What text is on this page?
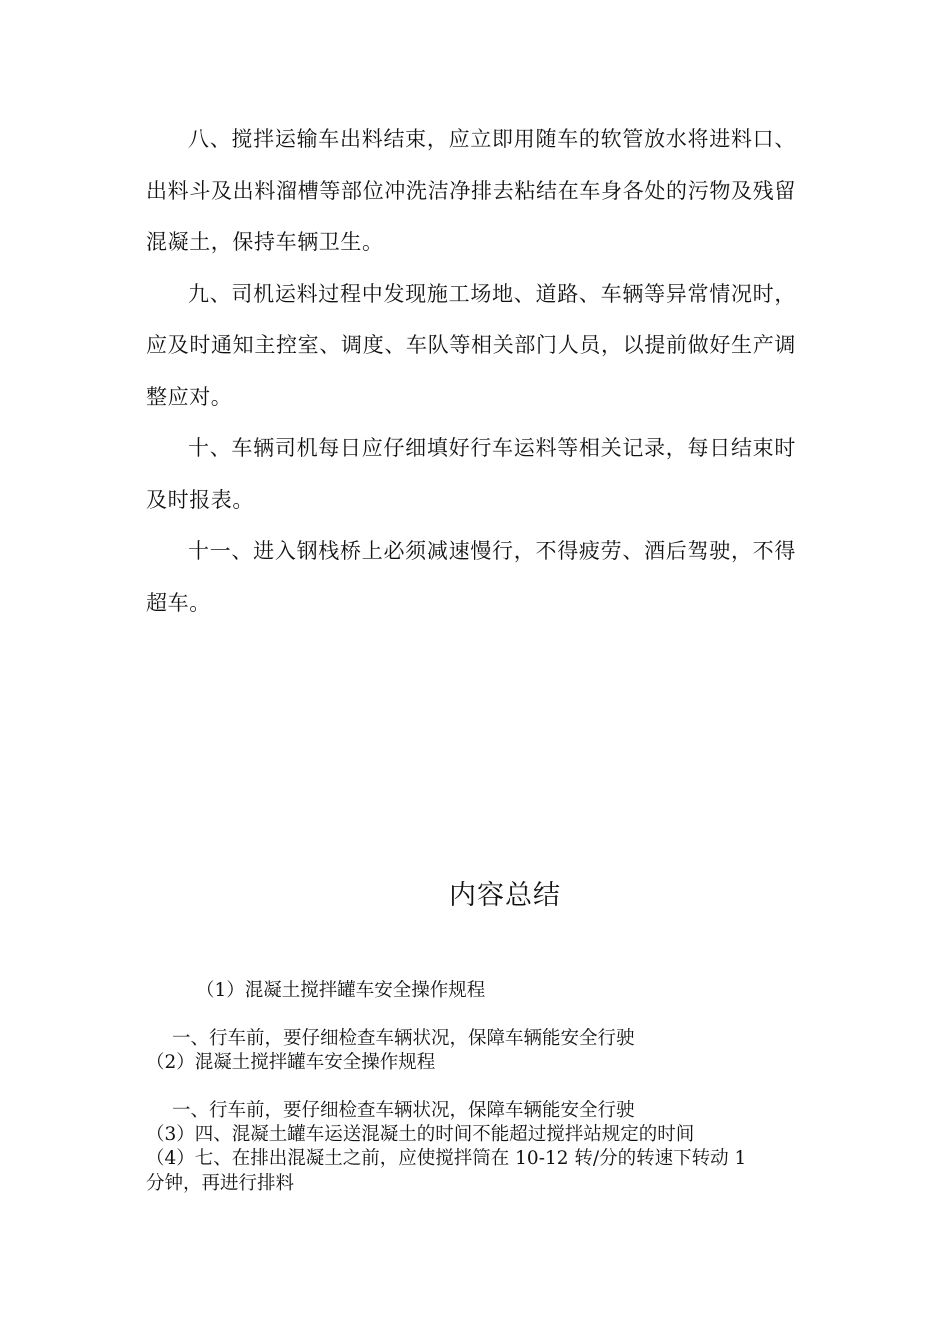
八、搅拌运输车出料结束，应立即用随车的软管放水将进料口、出料斗及出料溜槽等部位冲洗洁净排去粘结在车身各处的污物及残留混凝土，保持车辆卫生。

九、司机运料过程中发现施工场地、道路、车辆等异常情况时，应及时通知主控室、调度、车队等相关部门人员，以提前做好生产调整应对。

十、车辆司机每日应仔细填好行车运料等相关记录，每日结束时及时报表。

十一、进入钢栈桥上必须减速慢行，不得疲劳、酒后驾驶，不得超车。

内容总结
（1）混凝土搅拌罐车安全操作规程
一、行车前，要仔细检查车辆状况，保障车辆能安全行驶
（2）混凝土搅拌罐车安全操作规程
一、行车前，要仔细检查车辆状况，保障车辆能安全行驶
（3）四、混凝土罐车运送混凝土的时间不能超过搅拌站规定的时间
（4）七、在排出混凝土之前，应使搅拌筒在 10-12 转/分的转速下转动 1
分钟，再进行排料
